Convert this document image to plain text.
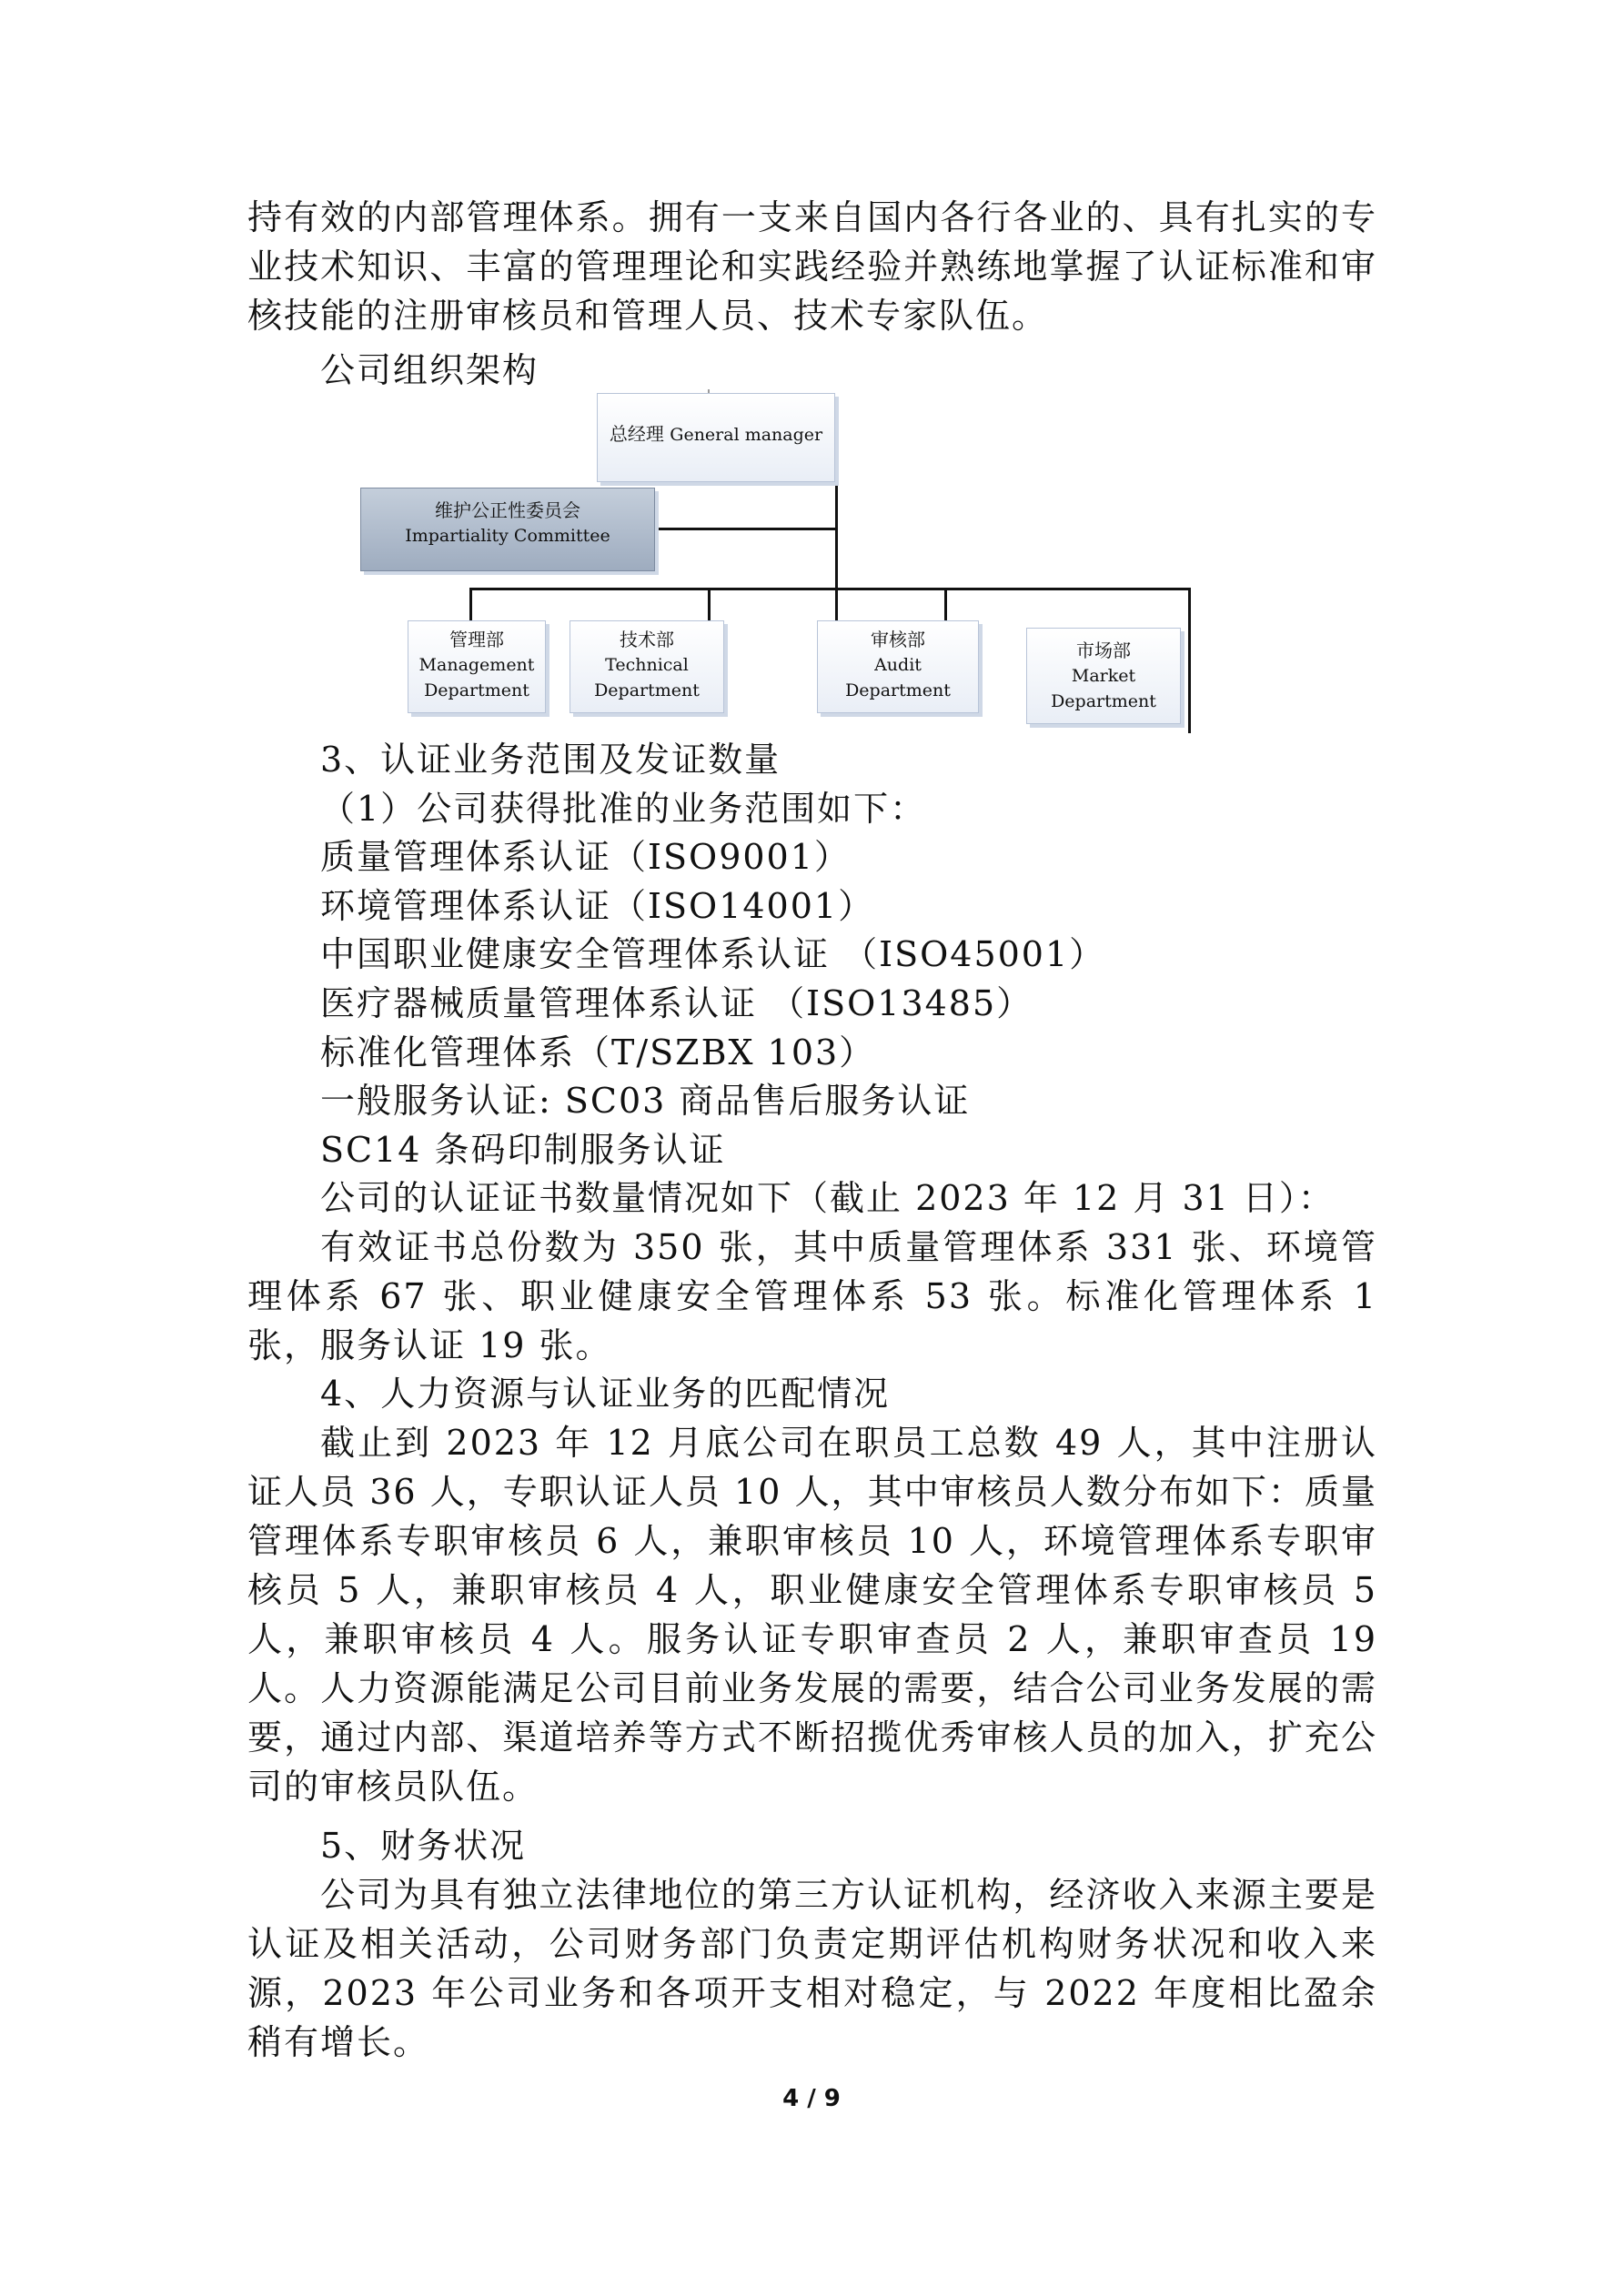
持有效的内部管理体系。拥有一支来自国内各行各业的、具有扎实的专业技术知识、丰富的管理理论和实践经验并熟练地掌握了认证标准和审核技能的注册审核员和管理人员、技术专家队伍。

公司组织架构

总经理 General manager
维护公正性委员会
Impartiality Committee
管理部
Management
Department
技术部
Technical
Department
审核部
Audit
Department
市场部
Market
Department

3、认证业务范围及发证数量

（1）公司获得批准的业务范围如下：

质量管理体系认证（ISO9001）

环境管理体系认证（ISO14001）

中国职业健康安全管理体系认证 （ISO45001）

医疗器械质量管理体系认证 （ISO13485）

标准化管理体系（T/SZBX 103）

一般服务认证: SC03 商品售后服务认证

SC14 条码印制服务认证

公司的认证证书数量情况如下（截止 2023 年 12 月 31 日）：

有效证书总份数为 350 张，其中质量管理体系 331 张、环境管理体系 67 张、职业健康安全管理体系 53 张。标准化管理体系 1 张，服务认证 19 张。

4、人力资源与认证业务的匹配情况

截止到 2023 年 12 月底公司在职员工总数 49 人，其中注册认证人员 36 人，专职认证人员 10 人，其中审核员人数分布如下：质量管理体系专职审核员 6 人，兼职审核员 10 人，环境管理体系专职审核员 5 人，兼职审核员 4 人，职业健康安全管理体系专职审核员 5 人，兼职审核员 4 人。服务认证专职审查员 2 人，兼职审查员 19 人。人力资源能满足公司目前业务发展的需要，结合公司业务发展的需要，通过内部、渠道培养等方式不断招揽优秀审核人员的加入，扩充公司的审核员队伍。

5、财务状况

公司为具有独立法律地位的第三方认证机构，经济收入来源主要是认证及相关活动，公司财务部门负责定期评估机构财务状况和收入来源，2023 年公司业务和各项开支相对稳定，与 2022 年度相比盈余稍有增长。

4 / 9
